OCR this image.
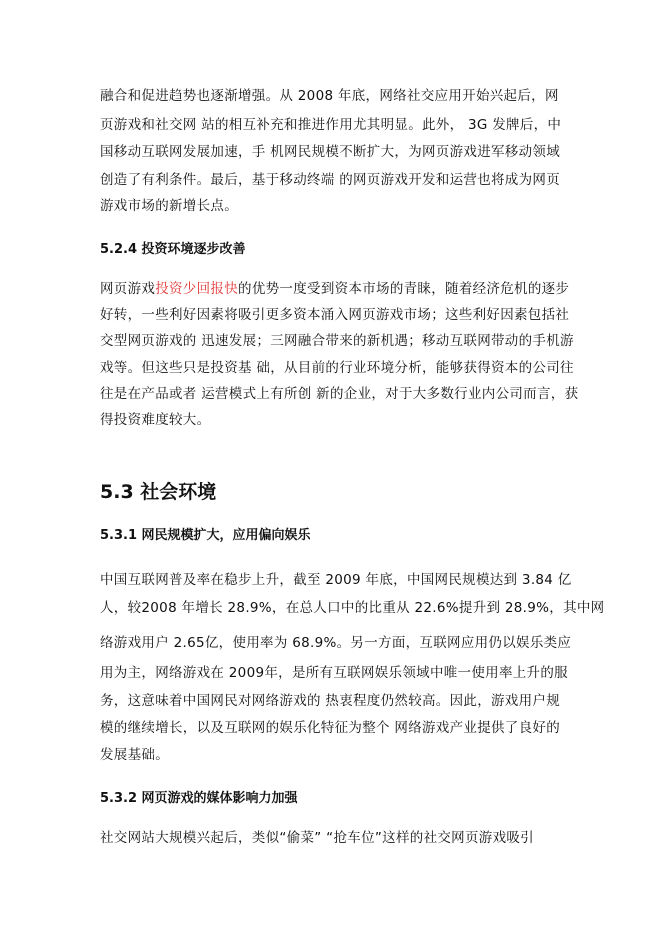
融合和促进趋势也逐渐增强。从 2008 年底，网络社交应用开始兴起后，网
页游戏和社交网 站的相互补充和推进作用尤其明显。此外， 3G 发牌后，中
国移动互联网发展加速，手 机网民规模不断扩大，为网页游戏进军移动领域
创造了有利条件。最后，基于移动终端 的网页游戏开发和运营也将成为网页
游戏市场的新增长点。
5.2.4 投资环境逐步改善
网页游戏投资少回报快的优势一度受到资本市场的青睐，随着经济危机的逐步
好转，一些利好因素将吸引更多资本涌入网页游戏市场；这些利好因素包括社
交型网页游戏的 迅速发展；三网融合带来的新机遇；移动互联网带动的手机游
戏等。但这些只是投资基 础，从目前的行业环境分析，能够获得资本的公司往
往是在产品或者 运营模式上有所创 新的企业，对于大多数行业内公司而言，获
得投资难度较大。
5.3 社会环境
5.3.1 网民规模扩大，应用偏向娱乐
中国互联网普及率在稳步上升，截至 2009 年底，中国网民规模达到 3.84 亿
人，较2008 年增长 28.9%，在总人口中的比重从 22.6%提升到 28.9%，其中网
络游戏用户 2.65亿，使用率为 68.9%。另一方面，互联网应用仍以娱乐类应
用为主，网络游戏在 2009年，是所有互联网娱乐领域中唯一使用率上升的服
务，这意味着中国网民对网络游戏的 热衷程度仍然较高。因此，游戏用户规
模的继续增长，以及互联网的娱乐化特征为整个 网络游戏产业提供了良好的
发展基础。
5.3.2 网页游戏的媒体影响力加强
社交网站大规模兴起后，类似“偷菜” “抢车位”这样的社交网页游戏吸引
